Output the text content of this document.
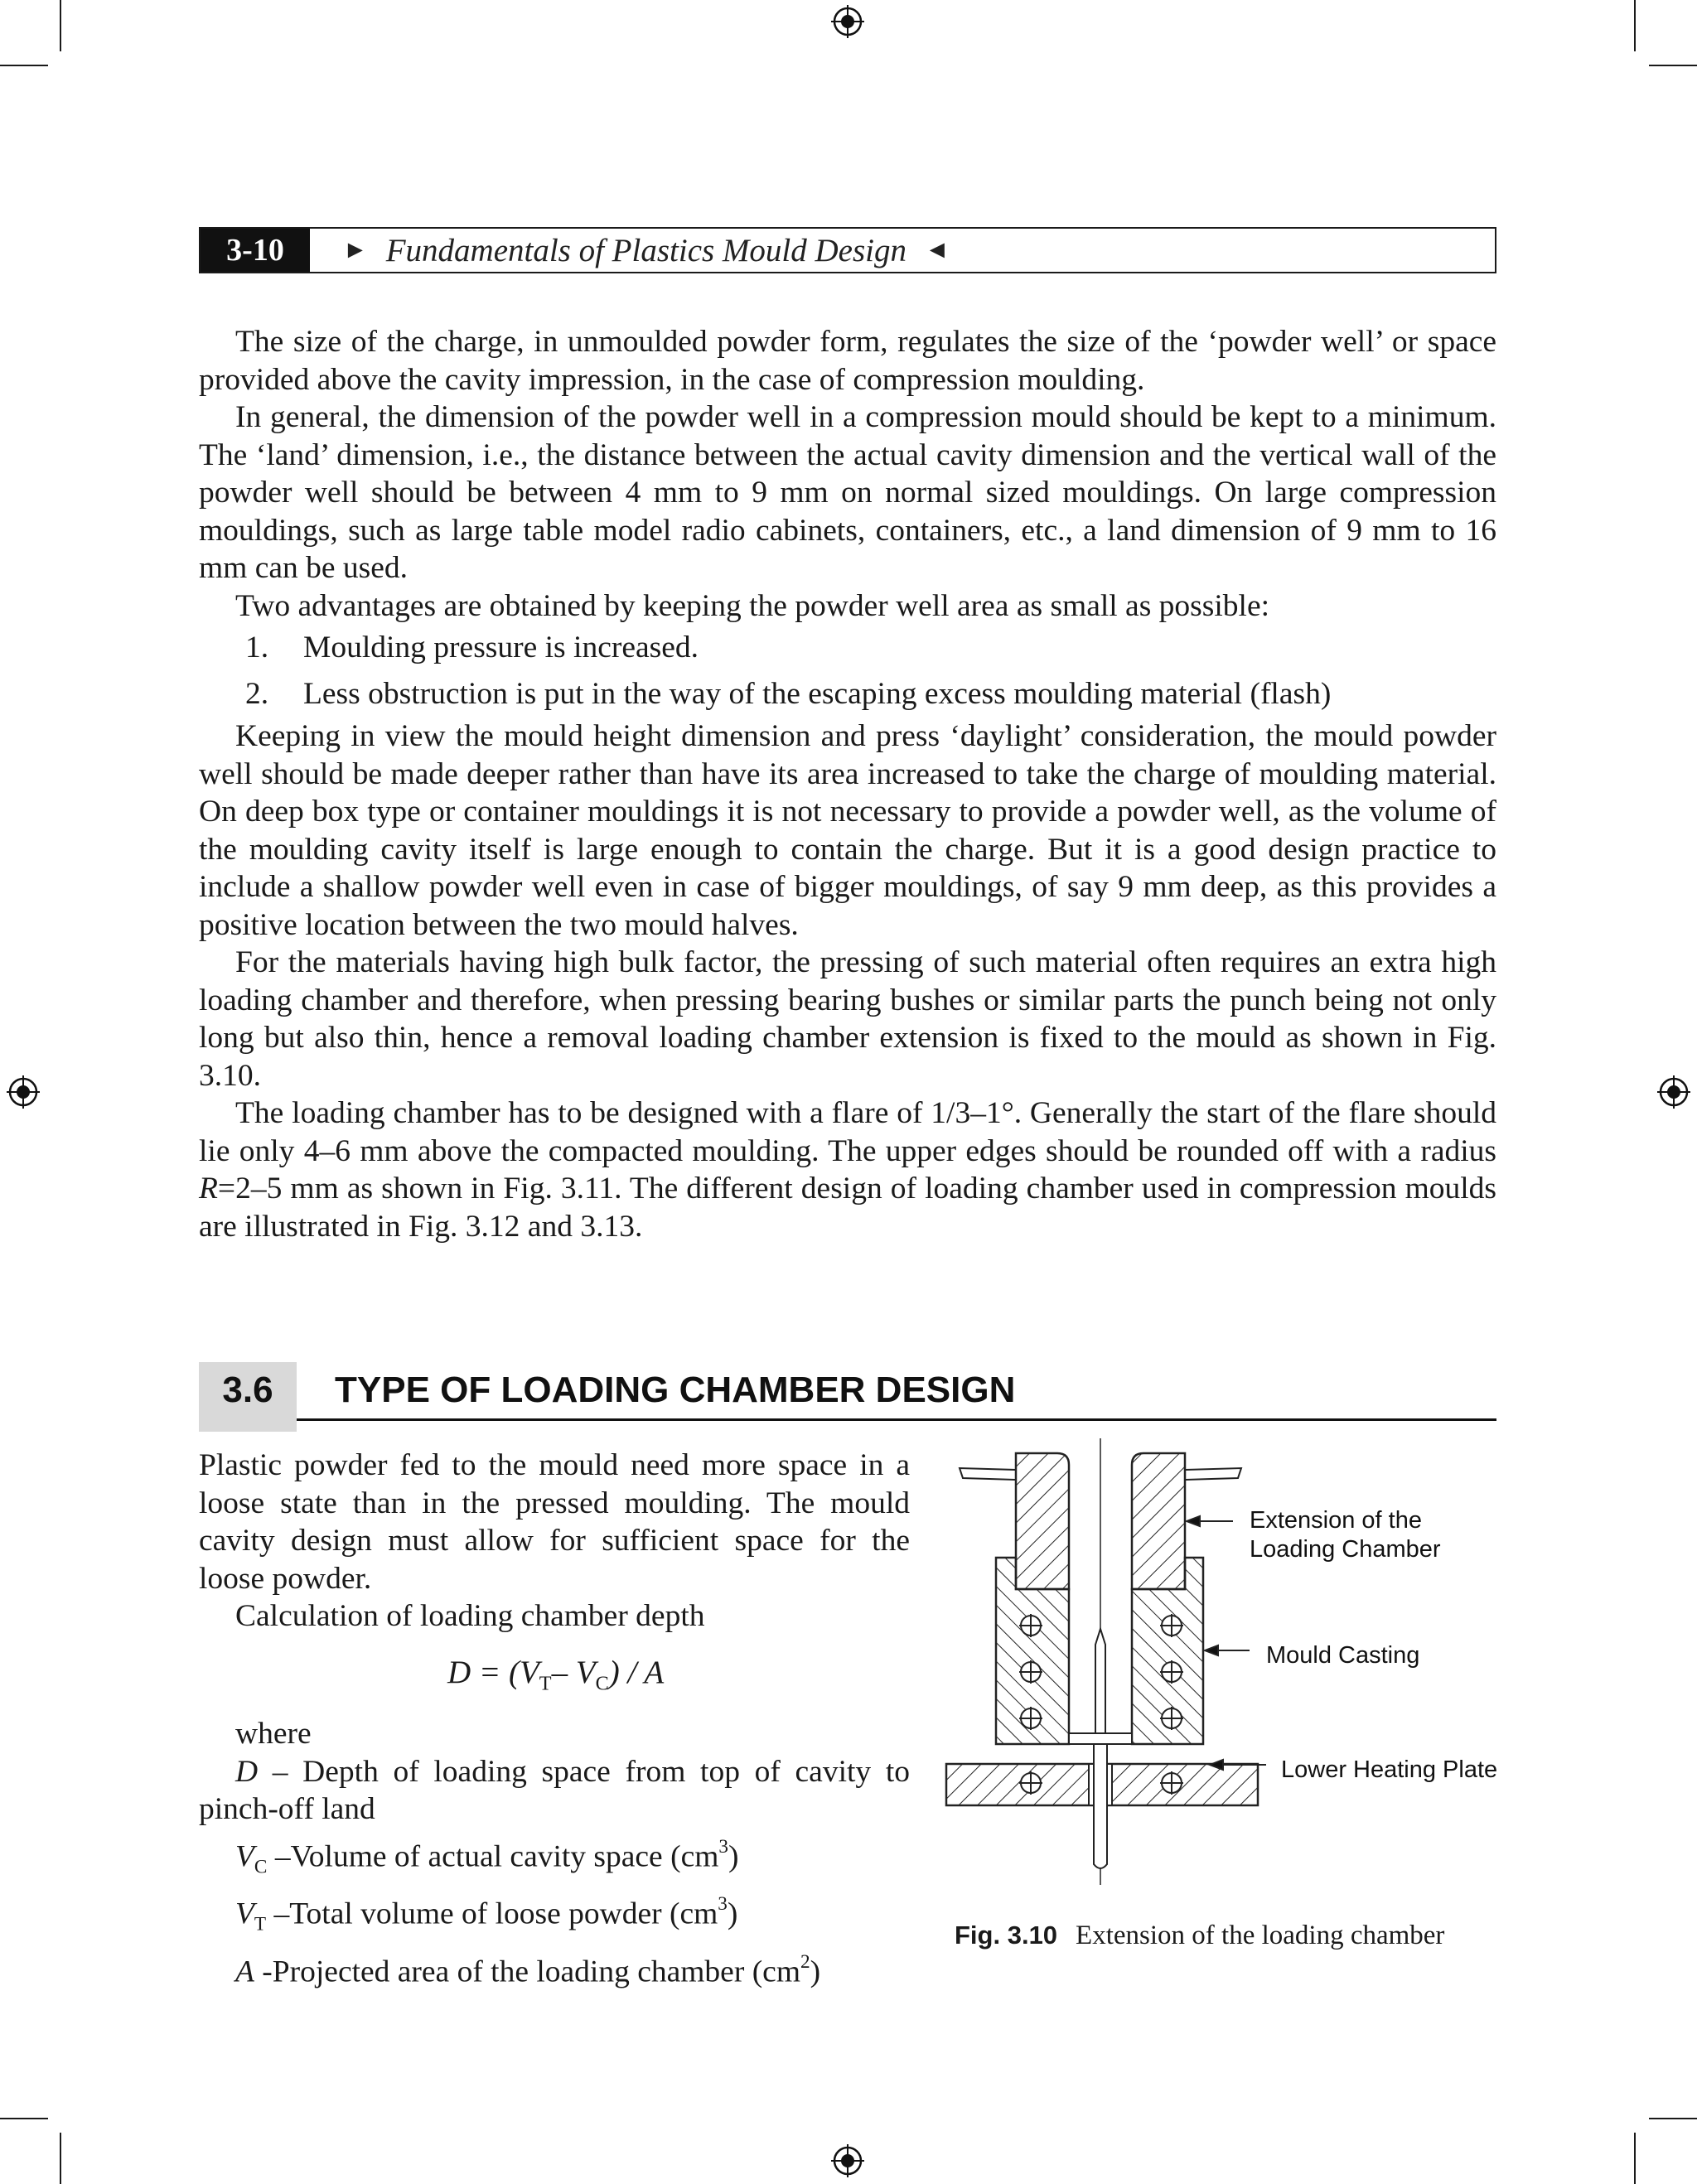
3-10	► Fundamentals of Plastics Mould Design ◄

The size of the charge, in unmoulded powder form, regulates the size of the ‘powder well’ or space provided above the cavity impression, in the case of compression moulding.

In general, the dimension of the powder well in a compression mould should be kept to a minimum. The ‘land’ dimension, i.e., the distance between the actual cavity dimension and the vertical wall of the powder well should be between 4 mm to 9 mm on normal sized mouldings. On large compression mouldings, such as large table model radio cabinets, containers, etc., a land dimension of 9 mm to 16 mm can be used.

Two advantages are obtained by keeping the powder well area as small as possible:

1. Moulding pressure is increased.
2. Less obstruction is put in the way of the escaping excess moulding material (flash)

Keeping in view the mould height dimension and press ‘daylight’ consideration, the mould powder well should be made deeper rather than have its area increased to take the charge of moulding material. On deep box type or container mouldings it is not necessary to provide a powder well, as the volume of the moulding cavity itself is large enough to contain the charge. But it is a good design practice to include a shallow powder well even in case of bigger mouldings, of say 9 mm deep, as this provides a positive location between the two mould halves.

For the materials having high bulk factor, the pressing of such material often requires an extra high loading chamber and therefore, when pressing bearing bushes or similar parts the punch being not only long but also thin, hence a removal loading chamber extension is fixed to the mould as shown in Fig. 3.10.

The loading chamber has to be designed with a flare of 1/3–1°. Generally the start of the flare should lie only 4–6 mm above the compacted moulding. The upper edges should be rounded off with a radius R=2–5 mm as shown in Fig. 3.11. The different design of loading chamber used in compression moulds are illustrated in Fig. 3.12 and 3.13.

3.6	TYPE OF LOADING CHAMBER DESIGN

Plastic powder fed to the mould need more space in a loose state than in the pressed moulding. The mould cavity design must allow for sufficient space for the loose powder.

Calculation of loading chamber depth

$D = (V_T-$ $V_C$) / A

where

D – Depth of loading space from top of cavity to pinch-off land

$V_C$ –Volume of actual cavity space $(cm^3)$

$V_T$ –Total volume of loose powder $(cm^3)$

A -Projected area of the loading chamber $(cm^2)$

Extension of the
Loading Chamber
Mould Casting
Lower Heating Plate
Fig. 3.10 Extension of the loading chamber
